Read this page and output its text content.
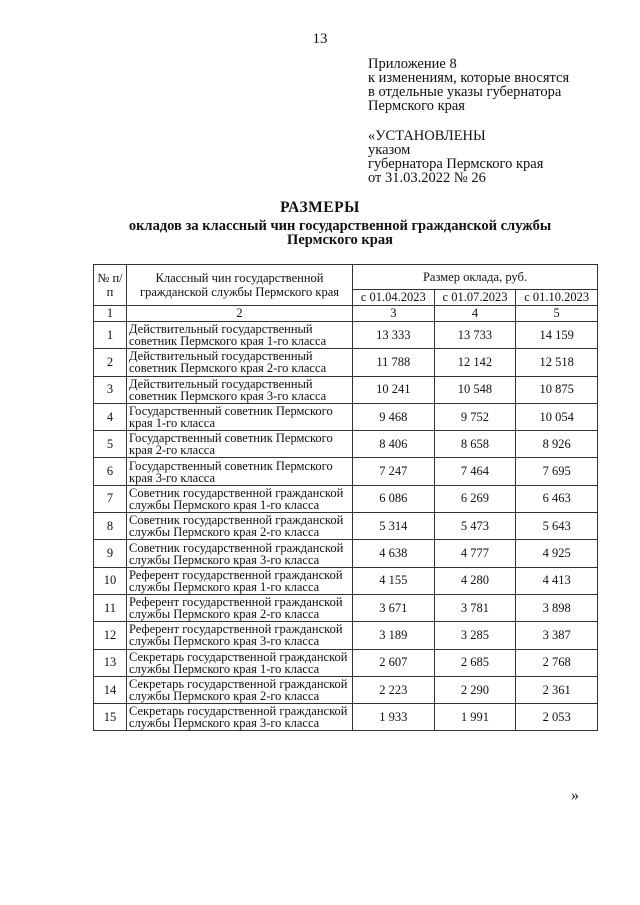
13
Приложение 8
к изменениям, которые вносятся
в отдельные указы губернатора
Пермского края
«УСТАНОВЛЕНЫ
указом
губернатора Пермского края
от 31.03.2022 № 26
РАЗМЕРЫ
окладов за классный чин государственной гражданской службы Пермского края
№ п/п	Классный чин государственной гражданской службы Пермского края	Размер оклада, руб.		
		с 01.04.2023	с 01.07.2023	с 01.10.2023
1	2	3	4	5
1	Действительный государственный советник Пермского края 1-го класса	13 333	13 733	14 159
2	Действительный государственный советник Пермского края 2-го класса	11 788	12 142	12 518
3	Действительный государственный советник Пермского края 3-го класса	10 241	10 548	10 875
4	Государственный советник Пермского края 1-го класса	9 468	9 752	10 054
5	Государственный советник Пермского края 2-го класса	8 406	8 658	8 926
6	Государственный советник Пермского края 3-го класса	7 247	7 464	7 695
7	Советник государственной гражданской службы Пермского края 1-го класса	6 086	6 269	6 463
8	Советник государственной гражданской службы Пермского края 2-го класса	5 314	5 473	5 643
9	Советник государственной гражданской службы Пермского края 3-го класса	4 638	4 777	4 925
10	Референт государственной гражданской службы Пермского края 1-го класса	4 155	4 280	4 413
11	Референт государственной гражданской службы Пермского края 2-го класса	3 671	3 781	3 898
12	Референт государственной гражданской службы Пермского края 3-го класса	3 189	3 285	3 387
13	Секретарь государственной гражданской службы Пермского края 1-го класса	2 607	2 685	2 768
14	Секретарь государственной гражданской службы Пермского края 2-го класса	2 223	2 290	2 361
15	Секретарь государственной гражданской службы Пермского края 3-го класса	1 933	1 991	2 053
»
